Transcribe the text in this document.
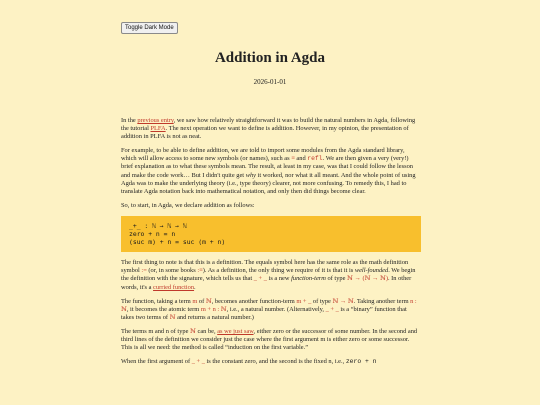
Toggle Dark Mode
Addition in Agda
2026-01-01

In the previous entry, we saw how relatively straightforward it was to build the natural numbers in Agda, following the tutorial PLFA. The next operation we want to define is addition. However, in my opinion, the presentation of addition in PLFA is not as neat.

For example, to be able to define addition, we are told to import some modules from the Agda standard library, which will allow access to some new symbols (or names), such as ≡ and refl. We are then given a very (very!) brief explanation as to what these symbols mean. The result, at least in my case, was that I could follow the lesson and make the code work… But I didn't quite get why it worked, nor what it all meant. And the whole point of using Agda was to make the underlying theory (i.e., type theory) clearer, not more confusing. To remedy this, I had to translate Agda notation back into mathematical notation, and only then did things become clear.

So, to start, in Agda, we declare addition as follows:

_+_ : ℕ → ℕ → ℕ
zero + n = n
(suc m) + n = suc (m + n)

The first thing to note is that this is a definition. The equals symbol here has the same role as the math definition symbol := (or, in some books :≡). As a definition, the only thing we require of it is that it is well-founded. We begin the definition with the signature, which tells us that _ + _ is a new function-term of type ℕ → (ℕ → ℕ). In other words, it's a curried function.

The function, taking a term m of ℕ, becomes another function-term m + _ of type ℕ → ℕ. Taking another term n : ℕ, it becomes the atomic term m + n : ℕ, i.e., a natural number. (Alternatively, _ + _ is a “binary” function that takes two terms of ℕ and returns a natural number.)

The terms m and n of type ℕ can be, as we just saw, either zero or the successor of some number. In the second and third lines of the definition we consider just the case where the first argument m is either zero or some successor. This is all we need: the method is called “induction on the first variable.”

When the first argument of _ + _ is the constant zero, and the second is the fixed n, i.e., zero + n
